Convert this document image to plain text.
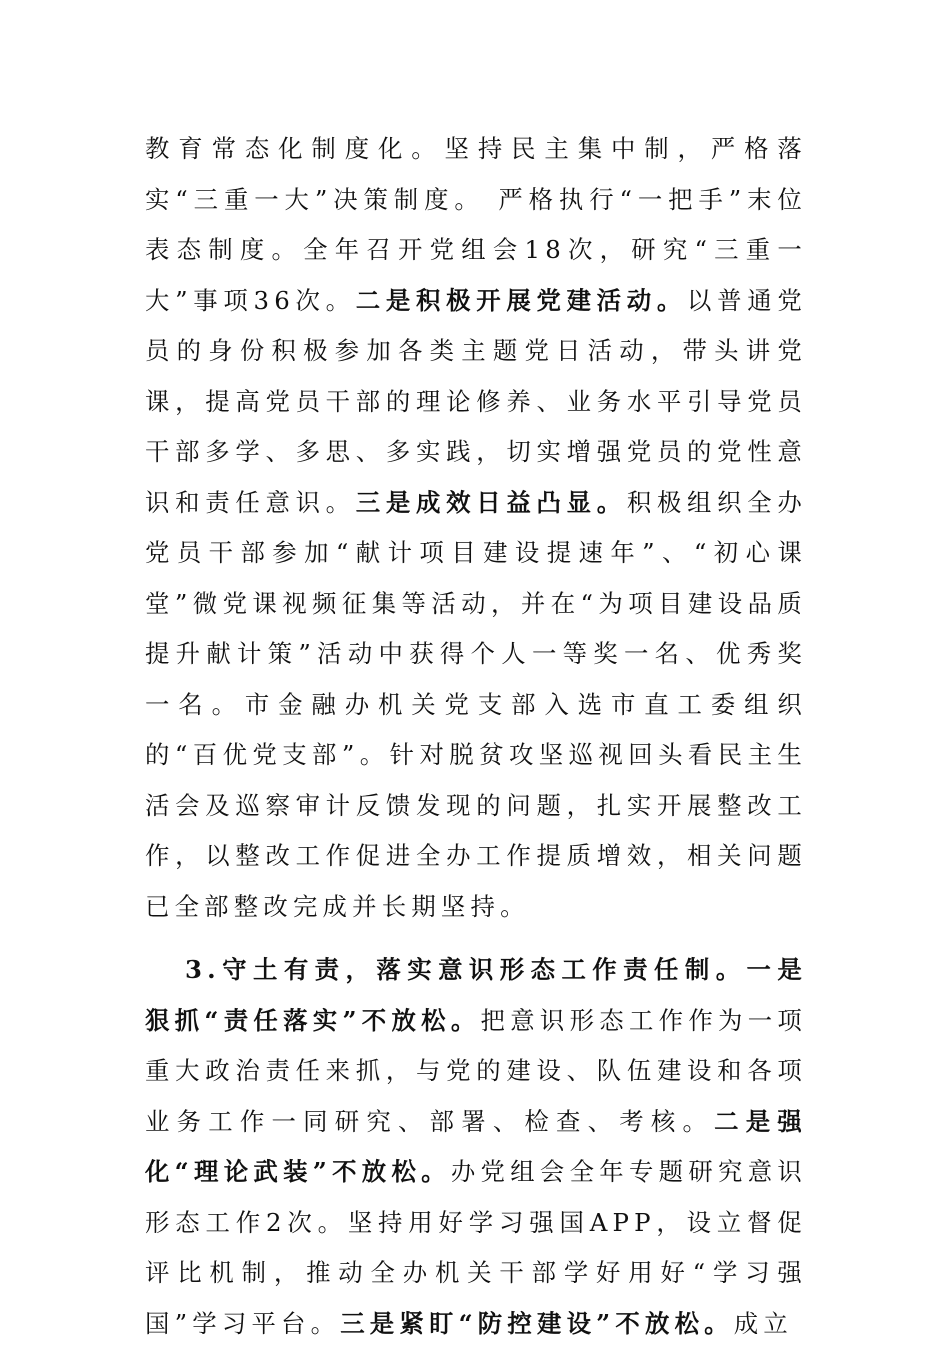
教育常态化制度化。坚持民主集中制，严格落实“三重一大”决策制度。 严格执行“一把手”末位表态制度。全年召开党组会18次，研究“三重一大”事项36次。二是积极开展党建活动。以普通党员的身份积极参加各类主题党日活动，带头讲党课，提高党员干部的理论修养、业务水平引导党员干部多学、多思、多实践，切实增强党员的党性意识和责任意识。三是成效日益凸显。积极组织全办党员干部参加“献计项目建设提速年”、“初心课堂”微党课视频征集等活动，并在“为项目建设品质提升献计策”活动中获得个人一等奖一名、优秀奖一名。市金融办机关党支部入选市直工委组织的“百优党支部”。针对脱贫攻坚巡视回头看民主生活会及巡察审计反馈发现的问题，扎实开展整改工作，以整改工作促进全办工作提质增效，相关问题已全部整改完成并长期坚持。

3.守土有责，落实意识形态工作责任制。一是狠抓“责任落实”不放松。把意识形态工作作为一项重大政治责任来抓，与党的建设、队伍建设和各项业务工作一同研究、部署、检查、考核。二是强化“理论武装”不放松。办党组会全年专题研究意识形态工作2次。坚持用好学习强国APP，设立督促评比机制，推动全办机关干部学好用好“学习强国”学习平台。三是紧盯“防控建设”不放松。成立
